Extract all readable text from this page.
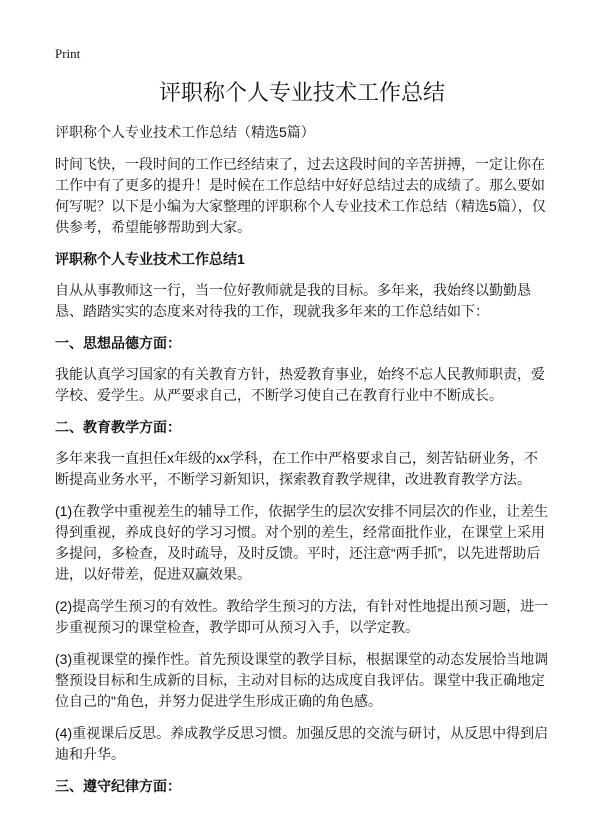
Print
评职称个人专业技术工作总结

评职称个人专业技术工作总结（精选5篇）

时间飞快，一段时间的工作已经结束了，过去这段时间的辛苦拼搏，一定让你在工作中有了更多的提升！是时候在工作总结中好好总结过去的成绩了。那么要如何写呢？以下是小编为大家整理的评职称个人专业技术工作总结（精选5篇），仅供参考，希望能够帮助到大家。

评职称个人专业技术工作总结1

自从从事教师这一行，当一位好教师就是我的目标。多年来，我始终以勤勤恳恳、踏踏实实的态度来对待我的工作，现就我多年来的工作总结如下：

一、思想品德方面：

我能认真学习国家的有关教育方针，热爱教育事业，始终不忘人民教师职责，爱学校、爱学生。从严要求自己，不断学习使自己在教育行业中不断成长。

二、教育教学方面：

多年来我一直担任x年级的xx学科，在工作中严格要求自己，刻苦钻研业务，不断提高业务水平，不断学习新知识，探索教育教学规律，改进教育教学方法。

(1)在教学中重视差生的辅导工作，依据学生的层次安排不同层次的作业，让差生得到重视，养成良好的学习习惯。对个别的差生，经常面批作业，在课堂上采用多提问，多检查，及时疏导，及时反馈。平时，还注意“两手抓”，以先进帮助后进，以好带差，促进双赢效果。

(2)提高学生预习的有效性。教给学生预习的方法，有针对性地提出预习题，进一步重视预习的课堂检查，教学即可从预习入手，以学定教。

(3)重视课堂的操作性。首先预设课堂的教学目标，根据课堂的动态发展恰当地调整预设目标和生成新的目标，主动对目标的达成度自我评估。课堂中我正确地定位自己的"角色，并努力促进学生形成正确的角色感。

(4)重视课后反思。养成教学反思习惯。加强反思的交流与研讨，从反思中得到启迪和升华。

三、遵守纪律方面：
